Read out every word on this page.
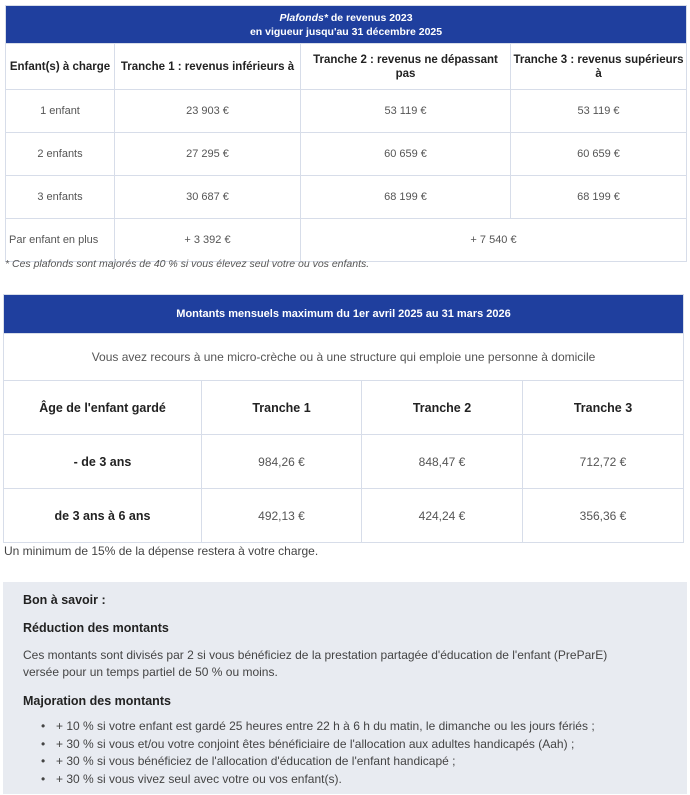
Plafonds* de revenus 2023
en vigueur jusqu'au 31 décembre 2025			
Enfant(s) à charge	Tranche 1 : revenus inférieurs à	Tranche 2 : revenus ne dépassant pas	Tranche 3 : revenus supérieurs à
1 enfant	23 903 €	53 119 €	53 119 €
2 enfants	27 295 €	60 659 €	60 659 €
3 enfants	30 687 €	68 199 €	68 199 €
Par enfant en plus	+ 3 392 €	+ 7 540 €	
* Ces plafonds sont majorés de 40 % si vous élevez seul votre ou vos enfants.
Montants mensuels maximum du 1er avril 2025 au 31 mars 2026			
Vous avez recours à une micro-crèche ou à une structure qui emploie une personne à domicile			
Âge de l'enfant gardé	Tranche 1	Tranche 2	Tranche 3
- de 3 ans	984,26 €	848,47 €	712,72 €
de 3 ans à 6 ans	492,13 €	424,24 €	356,36 €
Un minimum de 15% de la dépense restera à votre charge.
Bon à savoir :
Réduction des montants
Ces montants sont divisés par 2 si vous bénéficiez de la prestation partagée d'éducation de l'enfant (PreParE) versée pour un temps partiel de 50 % ou moins.
Majoration des montants
• + 10 % si votre enfant est gardé 25 heures entre 22 h à 6 h du matin, le dimanche ou les jours fériés ;
• + 30 % si vous et/ou votre conjoint êtes bénéficiaire de l'allocation aux adultes handicapés (Aah) ;
• + 30 % si vous bénéficiez de l'allocation d'éducation de l'enfant handicapé ;
• + 30 % si vous vivez seul avec votre ou vos enfant(s).
